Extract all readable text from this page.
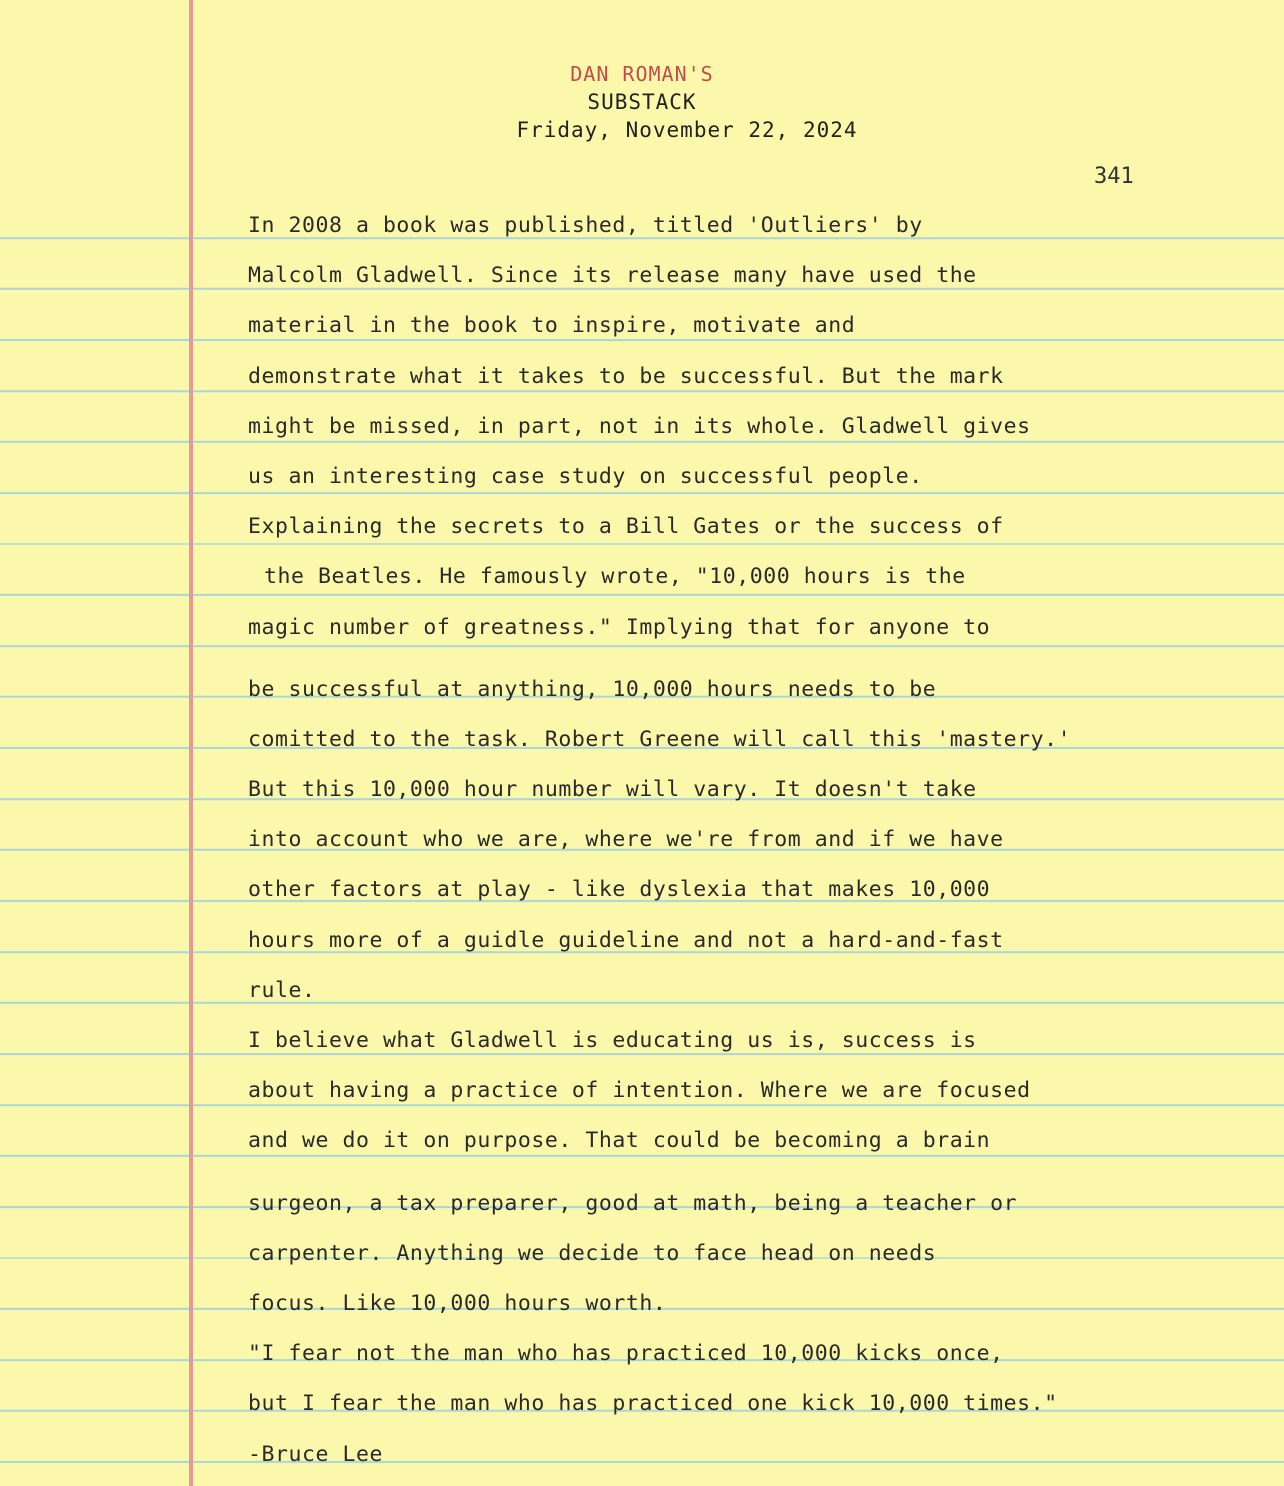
DAN ROMAN'S
SUBSTACK
Friday, November 22, 2024
341
In 2008 a book was published, titled 'Outliers' by
Malcolm Gladwell. Since its release many have used the
material in the book to inspire, motivate and
demonstrate what it takes to be successful. But the mark
might be missed, in part, not in its whole. Gladwell gives
us an interesting case study on successful people.
Explaining the secrets to a Bill Gates or the success of
the Beatles. He famously wrote, "10,000 hours is the
magic number of greatness." Implying that for anyone to
be successful at anything, 10,000 hours needs to be
comitted to the task. Robert Greene will call this 'mastery.'
But this 10,000 hour number will vary. It doesn't take
into account who we are, where we're from and if we have
other factors at play - like dyslexia that makes 10,000
hours more of a guidle guideline and not a hard-and-fast
rule.
I believe what Gladwell is educating us is, success is
about having a practice of intention. Where we are focused
and we do it on purpose. That could be becoming a brain
surgeon, a tax preparer, good at math, being a teacher or
carpenter. Anything we decide to face head on needs
focus. Like 10,000 hours worth.
"I fear not the man who has practiced 10,000 kicks once,
but I fear the man who has practiced one kick 10,000 times."
-Bruce Lee
